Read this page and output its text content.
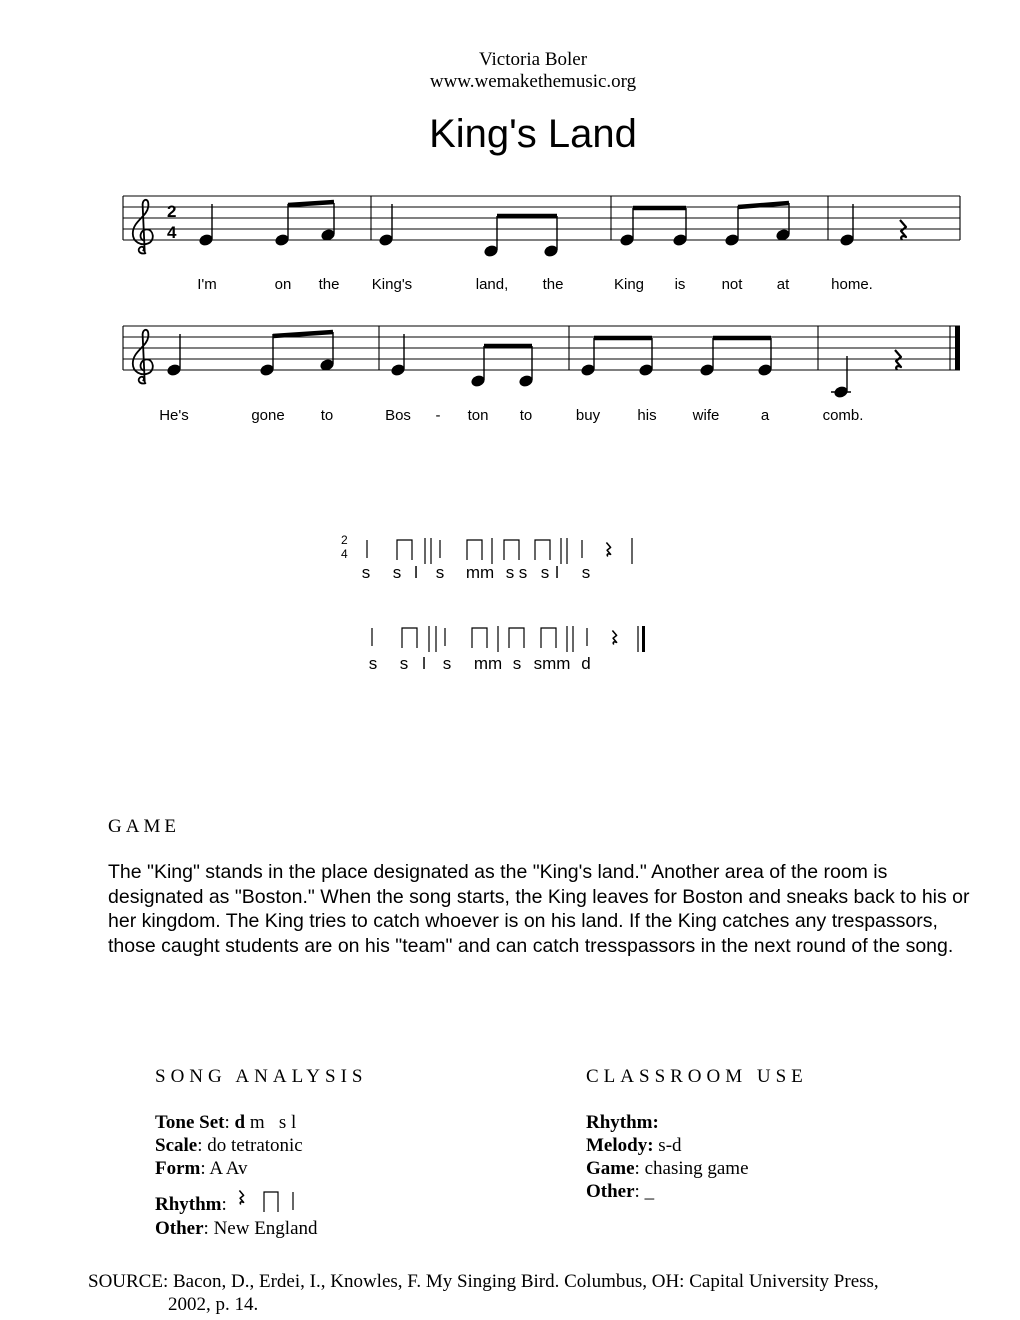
Victoria Boler
www.wemakethemusic.org
King's Land
2
4
I'm	on the King's	land, the	King is not at	home.
He's	gone to	Bos - ton to	buy his wife	a	comb.
2
4
s s l s mm s s s l s
s s l s mm s smm d
GAME
The "King" stands in the place designated as the "King's land." Another area of the room is designated as "Boston." When the song starts, the King leaves for Boston and sneaks back to his or her kingdom. The King tries to catch whoever is on his land. If the King catches any trespassors, those caught students are on his "team" and can catch tresspassors in the next round of the song.
SONG ANALYSIS
Tone Set: d m   s l
Scale: do tetratonic
Form: A Av
Rhythm:
Other: New England
CLASSROOM USE
Rhythm:
Melody: s-d
Game: chasing game
Other: _
SOURCE: Bacon, D., Erdei, I., Knowles, F. My Singing Bird. Columbus, OH: Capital University Press,
2002, p. 14.
